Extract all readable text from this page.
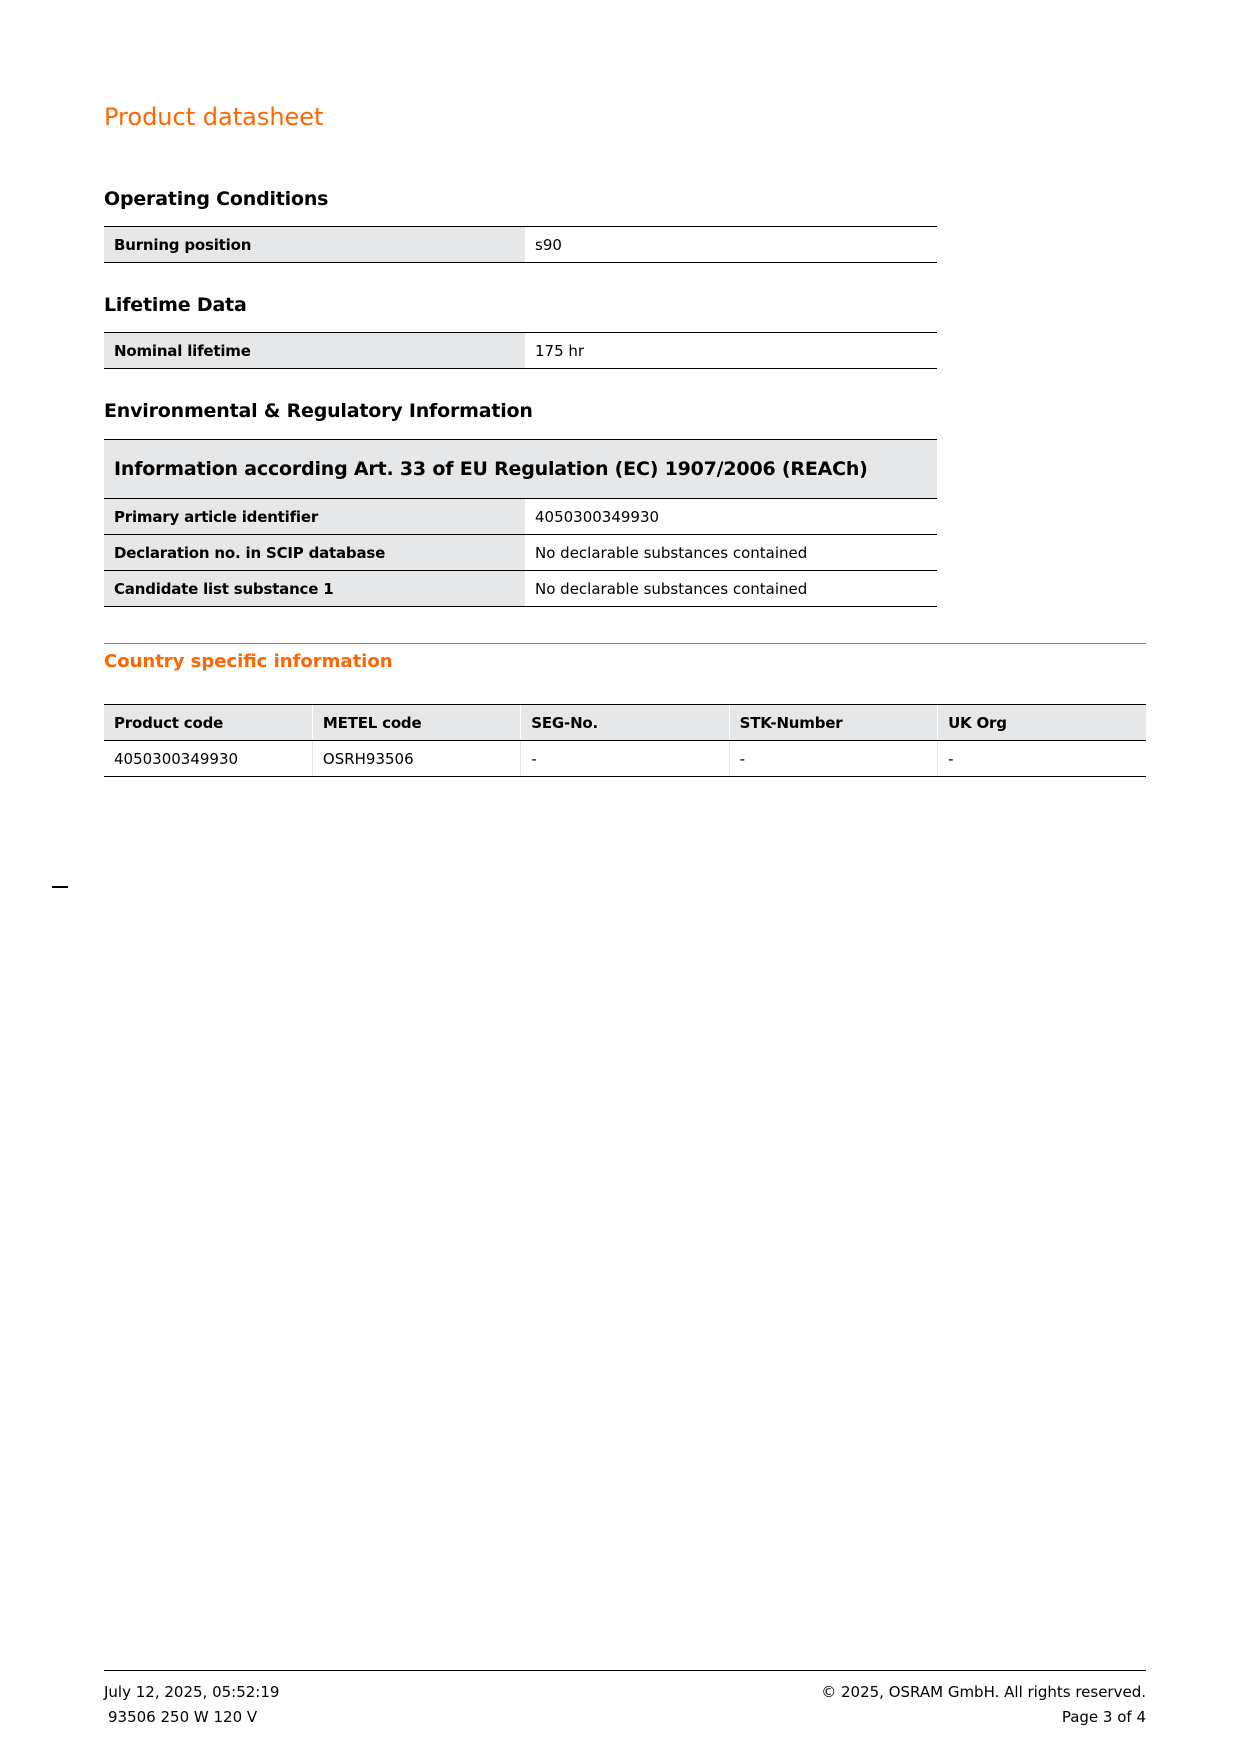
Product datasheet
Operating Conditions
Burning position	s90
Lifetime Data
Nominal lifetime	175 hr
Environmental & Regulatory Information
Information according Art. 33 of EU Regulation (EC) 1907/2006 (REACh)	
Primary article identifier	4050300349930
Declaration no. in SCIP database	No declarable substances contained
Candidate list substance 1	No declarable substances contained
Country specific information
Product code	METEL code	SEG-No.	STK-Number	UK Org
4050300349930	OSRH93506	-	-	-

July 12, 2025, 05:52:19

93506 250 W 120 V

© 2025, OSRAM GmbH. All rights reserved.

Page 3 of 4
